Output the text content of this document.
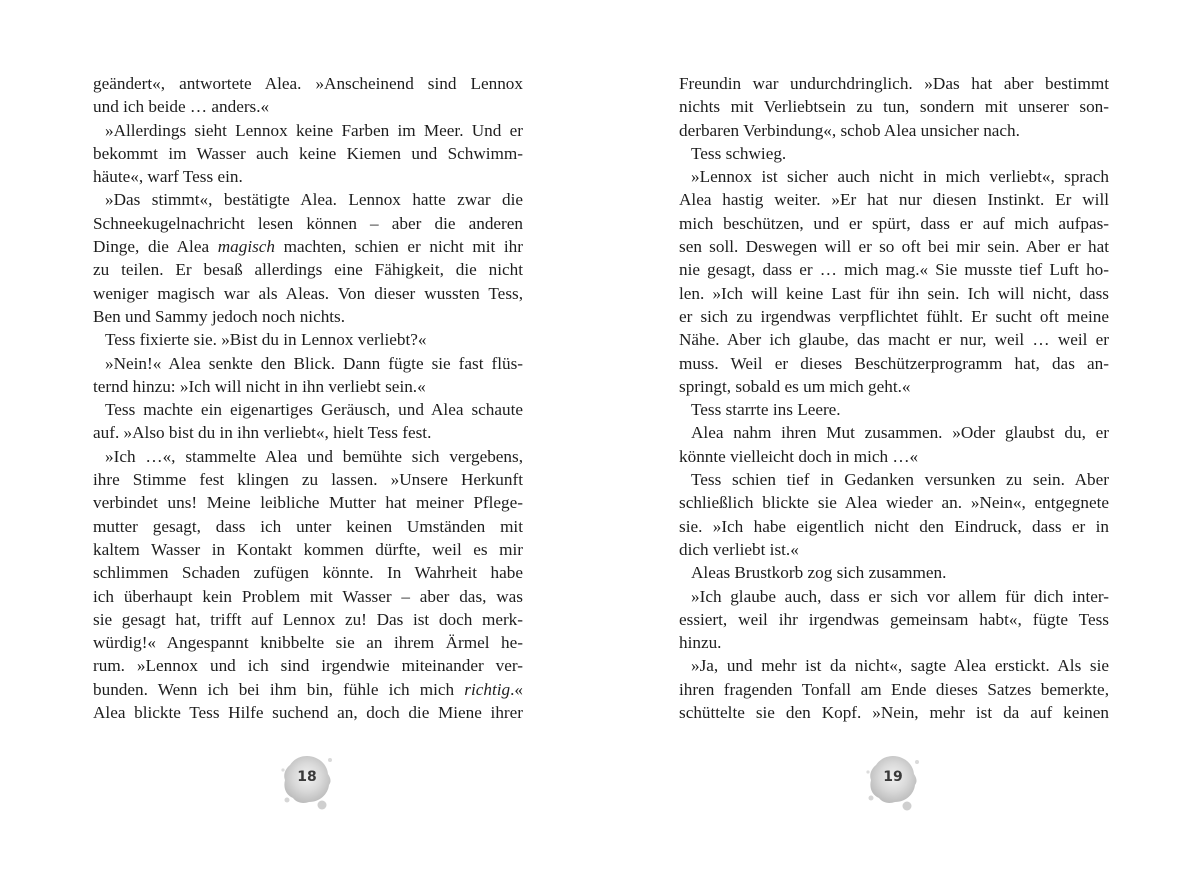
geändert«, antwortete Alea. »Anscheinend sind Lennox
und ich beide … anders.«
»Allerdings sieht Lennox keine Farben im Meer. Und er
bekommt im Wasser auch keine Kiemen und Schwimm-
häute«, warf Tess ein.
»Das stimmt«, bestätigte Alea. Lennox hatte zwar die
Schneekugelnachricht lesen können – aber die anderen
Dinge, die Alea magisch machten, schien er nicht mit ihr
zu teilen. Er besaß allerdings eine Fähigkeit, die nicht
weniger magisch war als Aleas. Von dieser wussten Tess,
Ben und Sammy jedoch noch nichts.
Tess fixierte sie. »Bist du in Lennox verliebt?«
»Nein!« Alea senkte den Blick. Dann fügte sie fast flüs-
ternd hinzu: »Ich will nicht in ihn verliebt sein.«
Tess machte ein eigenartiges Geräusch, und Alea schaute
auf. »Also bist du in ihn verliebt«, hielt Tess fest.
»Ich …«, stammelte Alea und bemühte sich vergebens,
ihre Stimme fest klingen zu lassen. »Unsere Herkunft
verbindet uns! Meine leibliche Mutter hat meiner Pflege-
mutter gesagt, dass ich unter keinen Umständen mit
kaltem Wasser in Kontakt kommen dürfte, weil es mir
schlimmen Schaden zufügen könnte. In Wahrheit habe
ich überhaupt kein Problem mit Wasser – aber das, was
sie gesagt hat, trifft auf Lennox zu! Das ist doch merk-
würdig!« Angespannt knibbelte sie an ihrem Ärmel he-
rum. »Lennox und ich sind irgendwie miteinander ver-
bunden. Wenn ich bei ihm bin, fühle ich mich richtig.«
Alea blickte Tess Hilfe suchend an, doch die Miene ihrer
Freundin war undurchdringlich. »Das hat aber bestimmt
nichts mit Verliebtsein zu tun, sondern mit unserer son-
derbaren Verbindung«, schob Alea unsicher nach.
Tess schwieg.
»Lennox ist sicher auch nicht in mich verliebt«, sprach
Alea hastig weiter. »Er hat nur diesen Instinkt. Er will
mich beschützen, und er spürt, dass er auf mich aufpas-
sen soll. Deswegen will er so oft bei mir sein. Aber er hat
nie gesagt, dass er … mich mag.« Sie musste tief Luft ho-
len. »Ich will keine Last für ihn sein. Ich will nicht, dass
er sich zu irgendwas verpflichtet fühlt. Er sucht oft meine
Nähe. Aber ich glaube, das macht er nur, weil … weil er
muss. Weil er dieses Beschützerprogramm hat, das an-
springt, sobald es um mich geht.«
Tess starrte ins Leere.
Alea nahm ihren Mut zusammen. »Oder glaubst du, er
könnte vielleicht doch in mich …«
Tess schien tief in Gedanken versunken zu sein. Aber
schließlich blickte sie Alea wieder an. »Nein«, entgegnete
sie. »Ich habe eigentlich nicht den Eindruck, dass er in
dich verliebt ist.«
Aleas Brustkorb zog sich zusammen.
»Ich glaube auch, dass er sich vor allem für dich inter-
essiert, weil ihr irgendwas gemeinsam habt«, fügte Tess
hinzu.
»Ja, und mehr ist da nicht«, sagte Alea erstickt. Als sie
ihren fragenden Tonfall am Ende dieses Satzes bemerkte,
schüttelte sie den Kopf. »Nein, mehr ist da auf keinen
18	19
